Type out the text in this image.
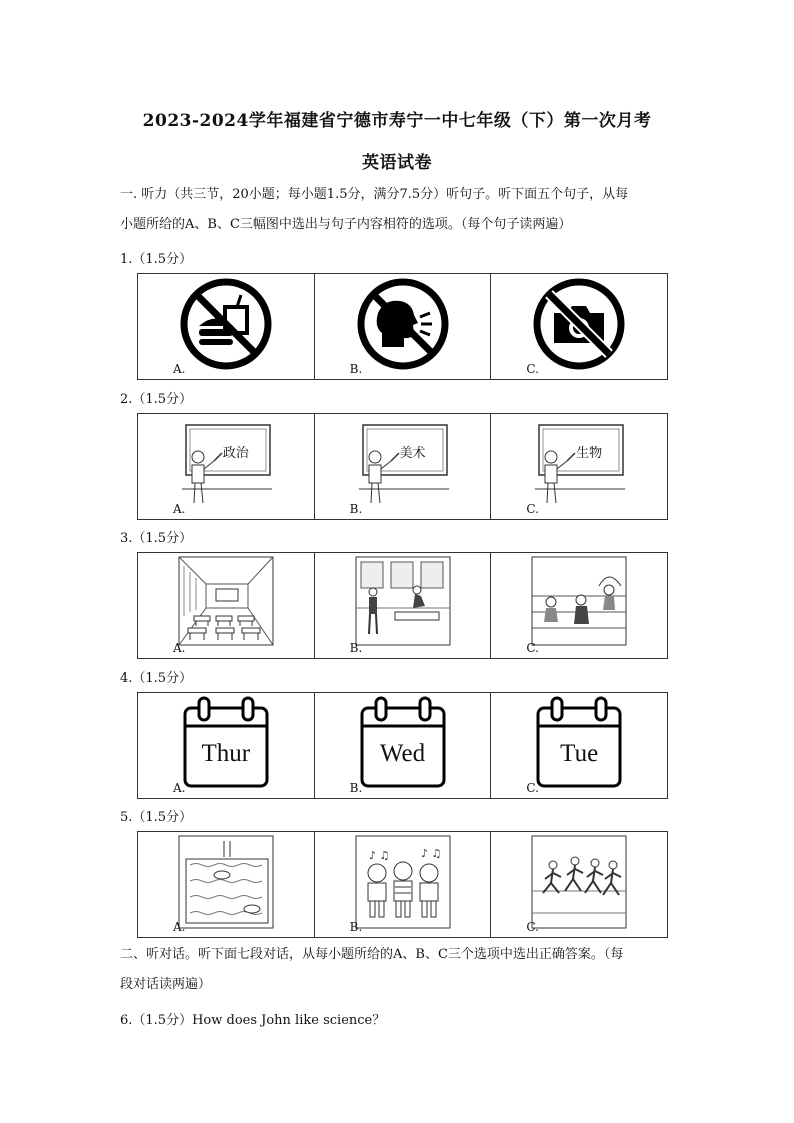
2023-2024学年福建省宁德市寿宁一中七年级（下）第一次月考
英语试卷
一. 听力（共三节，20小题；每小题1.5分，满分7.5分）听句子。听下面五个句子，从每
小题所给的A、B、C三幅图中选出与句子内容相符的选项。（每个句子读两遍）
1.（1.5分）
A.	B.	C.
2.（1.5分）
政治
A.
美术
B.
生物
C.
3.（1.5分）
A.	B.	C.
4.（1.5分）
Thur
A.
Wed
B.
Tue
C.
5.（1.5分）
A.
♪ ♫	♪ ♫
B.	C.
二、听对话。听下面七段对话，从每小题所给的A、B、C三个选项中选出正确答案。（每
段对话读两遍）
6.（1.5分）How does John like science？
